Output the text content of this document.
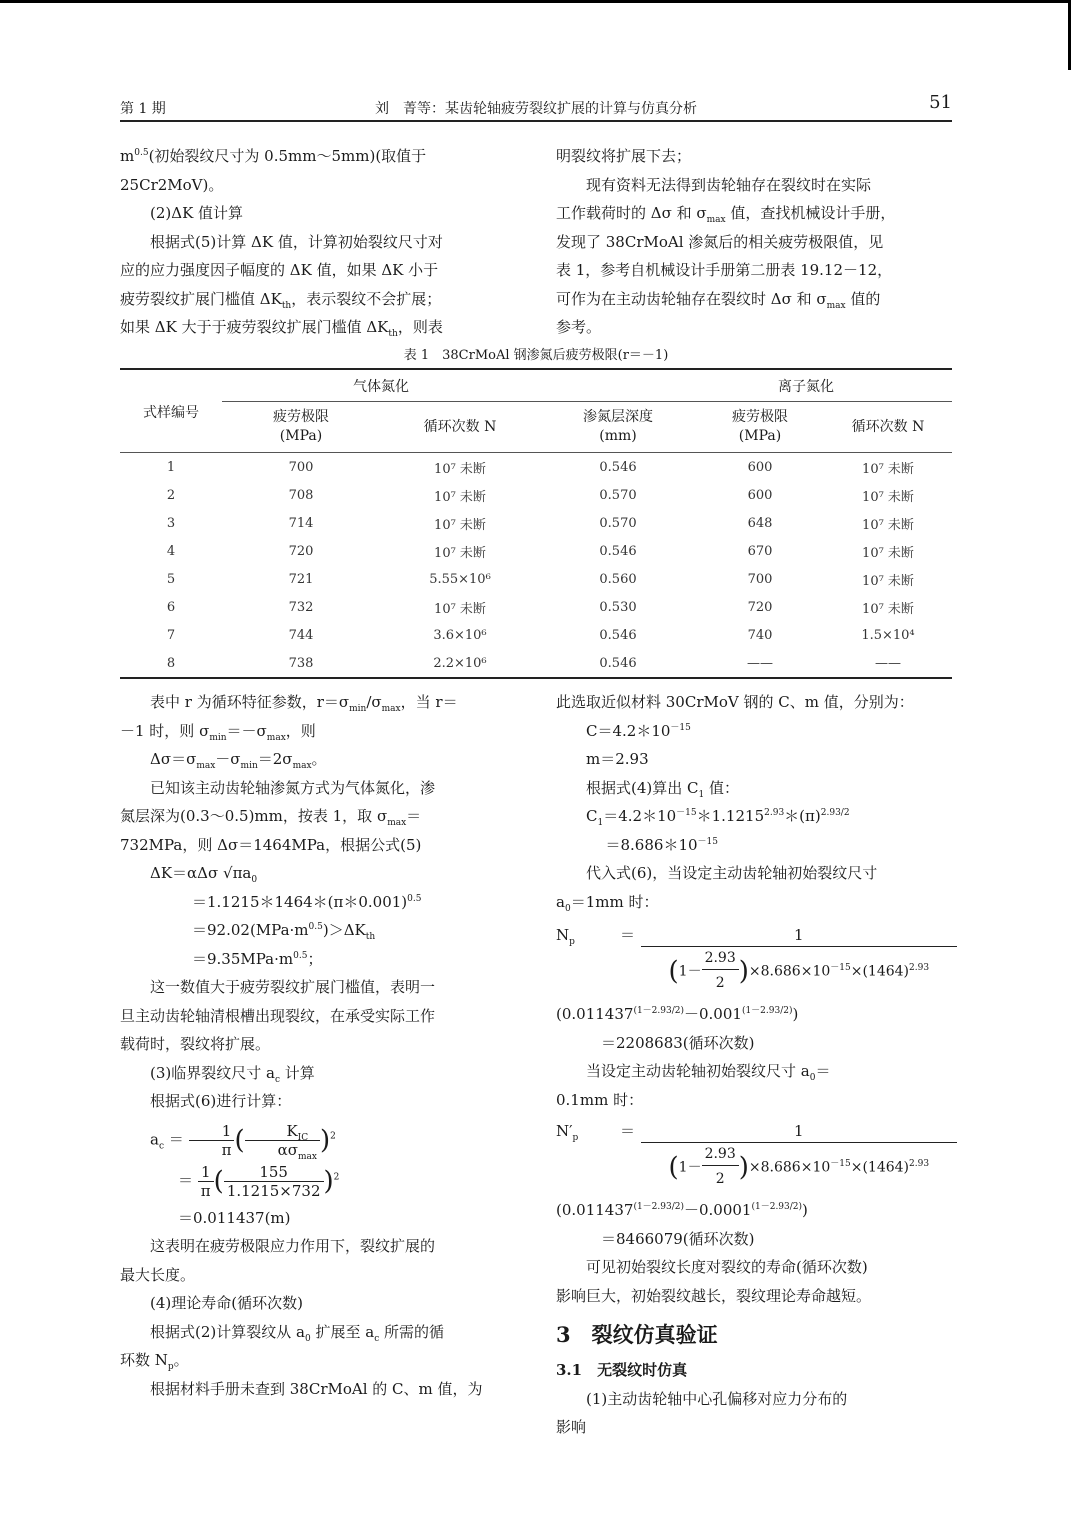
第 1 期	刘　菁等：某齿轮轴疲劳裂纹扩展的计算与仿真分析	51

$m^{0.5}$(初始裂纹尺寸为 0.5mm～5mm)(取值于

25Cr2MoV)。

(2)ΔK 值计算

根据式(5)计算 ΔK 值，计算初始裂纹尺寸对

应的应力强度因子幅度的 ΔK 值，如果 ΔK 小于

疲劳裂纹扩展门槛值 $\Delta K_{th}$，表示裂纹不会扩展；

如果 ΔK 大于于疲劳裂纹扩展门槛值 $\Delta K_{th}$，则表

明裂纹将扩展下去；

现有资料无法得到齿轮轴存在裂纹时在实际

工作载荷时的 Δσ 和 $\sigma_{max}$ 值，查找机械设计手册，

发现了 38CrMoAl 渗氮后的相关疲劳极限值，见

表 1，参考自机械设计手册第二册表 19.12－12，

可作为在主动齿轮轴存在裂纹时 Δσ 和 $\sigma_{max}$ 值的

参考。

表 1　38CrMoAl 钢渗氮后疲劳极限(r＝－1)
式样编号	气体氮化		离子氮化		
	疲劳极限
(MPa)	循环次数 N	渗氮层深度
(mm)	疲劳极限
(MPa)	循环次数 N
1	700	10⁷ 未断	0.546	600	10⁷ 未断
2	708	10⁷ 未断	0.570	600	10⁷ 未断
3	714	10⁷ 未断	0.570	648	10⁷ 未断
4	720	10⁷ 未断	0.546	670	10⁷ 未断
5	721	5.55×10⁶	0.560	700	10⁷ 未断
6	732	10⁷ 未断	0.530	720	10⁷ 未断
7	744	3.6×10⁶	0.546	740	1.5×10⁴
8	738	2.2×10⁶	0.546	——	——

表中 r 为循环特征参数，$r=\sigma_{min}/\sigma_{max}$，当 r＝

－1 时，则 $\sigma_{min}=-\sigma_{max}$，则

$\Delta\sigma=\sigma_{max}-\sigma_{min}=2\sigma_{max}$。

已知该主动齿轮轴渗氮方式为气体氮化，渗

氮层深为(0.3～0.5)mm，按表 1，取 $\sigma_{max}=$

732MPa，则 Δσ＝1464MPa，根据公式(5)

ΔK＝αΔσ $√\pi a_0$

＝1.1215＊1464＊(π＊0.001)$^{0.5}$

$=92.02(MPa\cdot m^{0.5})>\Delta K_{th}$

$=9.35MPa\cdot m^{0.5}$；

这一数值大于疲劳裂纹扩展门槛值，表明一

旦主动齿轮轴清根槽出现裂纹，在承受实际工作

载荷时，裂纹将扩展。

(3)临界裂纹尺寸 $a_c$ 计算

根据式(6)进行计算：

$a_c = \frac{1}{\pi}$ ( $\frac{K_{IC}}{\alpha\sigma_{max}} )^2$
＝ $\frac{1}{\pi}$ ( $\frac{155}{1.1215\times 732} )^2$

＝0.011437(m)

这表明在疲劳极限应力作用下，裂纹扩展的

最大长度。

(4)理论寿命(循环次数)

根据式(2)计算裂纹从 $a_0$ 扩展至 $a_c$ 所需的循

环数 $N_p$。

根据材料手册未查到 38CrMoAl 的 C、m 值，为

此选取近似材料 30CrMoV 钢的 C、m 值，分别为：

$C=4.2*10^{-15}$

m＝2.93

根据式(4)算出 $C_1$ 值：

$C_1=4.2*10^{-15}*1.1215^{2.93}*(\pi)^{2.93/2}$

$=8.686*10^{-15}$

代入式(6)，当设定主动齿轮轴初始裂纹尺寸

$a_0=1mm$ 时：

$N_p$	＝ $\frac{1}{(1- \frac{2.93}{2} )\times 8.686\times 10^{-15}\times(1464)^{2.93}}$

$(0.011437^{(1-2.93/2)}-0.001^{(1-2.93/2)})$

＝2208683(循环次数)

当设定主动齿轮轴初始裂纹尺寸 $a_0=$

0.1mm 时：

$N'_p$	＝ $\frac{1}{(1- \frac{2.93}{2} )\times 8.686\times 10^{-15}\times(1464)^{2.93}}$

$(0.011437^{(1-2.93/2)}-0.0001^{(1-2.93/2)})$

＝8466079(循环次数)

可见初始裂纹长度对裂纹的寿命(循环次数)

影响巨大，初始裂纹越长，裂纹理论寿命越短。

3　裂纹仿真验证

3.1　无裂纹时仿真

(1)主动齿轮轴中心孔偏移对应力分布的

影响
